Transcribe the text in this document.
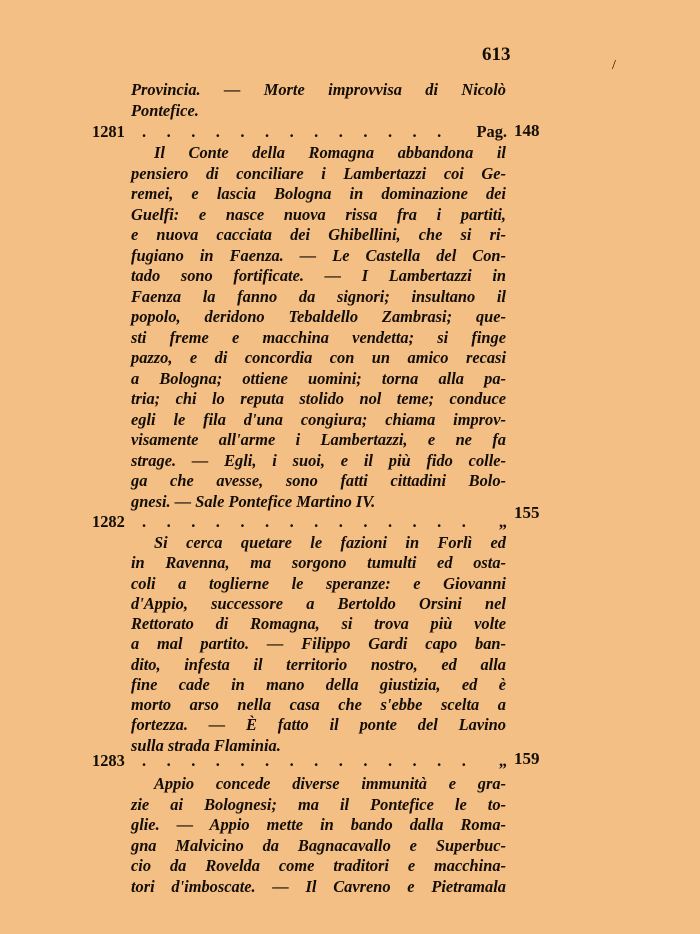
613
/
Provincia. — Morte improvvisa di Nicolò
Pontefice.
1281 . . . . . . . . . . . . . Pag. 148
Il Conte della Romagna abbandona il
pensiero di conciliare i Lambertazzi coi Ge-
remei, e lascia Bologna in dominazione dei
Guelfi: e nasce nuova rissa fra i partiti,
e nuova cacciata dei Ghibellini, che si ri-
fugiano in Faenza. — Le Castella del Con-
tado sono fortificate. — I Lambertazzi in
Faenza la fanno da signori; insultano il
popolo, deridono Tebaldello Zambrasi; que-
sti freme e macchina vendetta; si finge
pazzo, e di concordia con un amico recasi
a Bologna; ottiene uomini; torna alla pa-
tria; chi lo reputa stolido nol teme; conduce
egli le fila d'una congiura; chiama improv-
visamente all'arme i Lambertazzi, e ne fa
strage. — Egli, i suoi, e il più fido colle-
ga che avesse, sono fatti cittadini Bolo-
gnesi. — Sale Pontefice Martino IV.
1282 . . . . . . . . . . . . . . „ 155
Si cerca quetare le fazioni in Forlì ed
in Ravenna, ma sorgono tumulti ed osta-
coli a toglierne le speranze: e Giovanni
d'Appio, successore a Bertoldo Orsini nel
Rettorato di Romagna, si trova più volte
a mal partito. — Filippo Gardi capo ban-
dito, infesta il territorio nostro, ed alla
fine cade in mano della giustizia, ed è
morto arso nella casa che s'ebbe scelta a
fortezza. — È fatto il ponte del Lavino
sulla strada Flaminia.
1283 . . . . . . . . . . . . . . „ 159
Appio concede diverse immunità e gra-
zie ai Bolognesi; ma il Pontefice le to-
glie. — Appio mette in bando dalla Roma-
gna Malvicino da Bagnacavallo e Superbuc-
cio da Rovelda come traditori e macchina-
tori d'imboscate. — Il Cavreno e Pietramala
